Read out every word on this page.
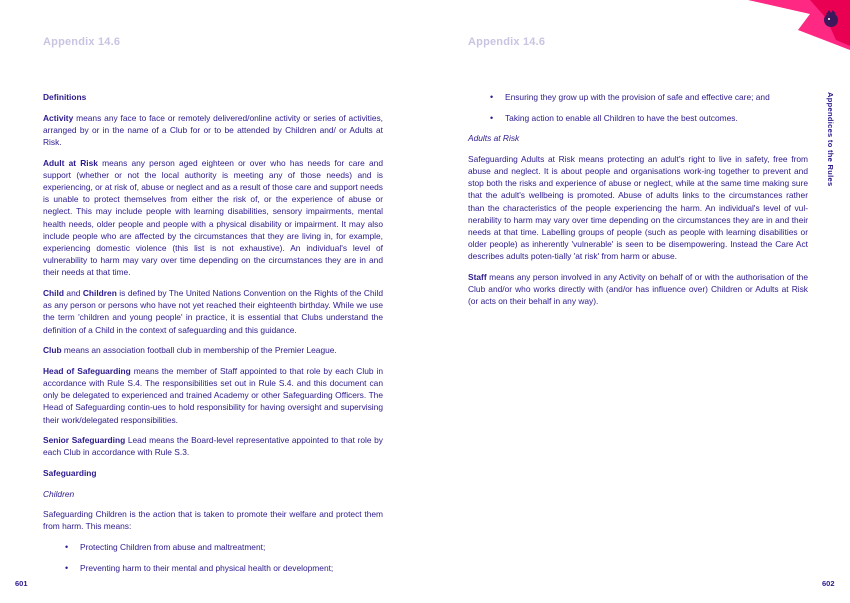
Appendix 14.6

Definitions

Activity means any face to face or remotely delivered/online activity or series of activities, arranged by or in the name of a Club for or to be attended by Children and/ or Adults at Risk.

Adult at Risk means any person aged eighteen or over who has needs for care and support (whether or not the local authority is meeting any of those needs) and is experiencing, or at risk of, abuse or neglect and as a result of those care and support needs is unable to protect themselves from either the risk of, or the experience of abuse or neglect. This may include people with learning disabilities, sensory impairments, mental health needs, older people and people with a physical disability or impairment. It may also include people who are affected by the circumstances that they are living in, for example, experiencing domestic violence (this list is not exhaustive). An individual's level of vulnerability to harm may vary over time depending on the circumstances they are in and their needs at that time.

Child and Children is defined by The United Nations Convention on the Rights of the Child as any person or persons who have not yet reached their eighteenth birthday. While we use the term 'children and young people' in practice, it is essential that Clubs understand the definition of a Child in the context of safeguarding and this guidance.

Club means an association football club in membership of the Premier League.

Head of Safeguarding means the member of Staff appointed to that role by each Club in accordance with Rule S.4. The responsibilities set out in Rule S.4. and this document can only be delegated to experienced and trained Academy or other Safeguarding Officers. The Head of Safeguarding contin-ues to hold responsibility for having oversight and supervising their work/delegated responsibilities.

Senior Safeguarding Lead means the Board-level representative appointed to that role by each Club in accordance with Rule S.3.

Safeguarding

Children

Safeguarding Children is the action that is taken to promote their welfare and protect them from harm. This means:

• Protecting Children from abuse and maltreatment;
• Preventing harm to their mental and physical health or development;
601
Appendix 14.6
• Ensuring they grow up with the provision of safe and effective care; and
• Taking action to enable all Children to have the best outcomes.

Adults at Risk

Safeguarding Adults at Risk means protecting an adult's right to live in safety, free from abuse and neglect. It is about people and organisations work-ing together to prevent and stop both the risks and experience of abuse or neglect, while at the same time making sure that the adult's wellbeing is promoted. Abuse of adults links to the circumstances rather than the characteristics of the people experiencing the harm. An individual's level of vul-nerability to harm may vary over time depending on the circumstances they are in and their needs at that time. Labelling groups of people (such as people with learning disabilities or older people) as inherently 'vulnerable' is seen to be disempowering. Instead the Care Act describes adults poten-tially 'at risk' from harm or abuse.

Staff means any person involved in any Activity on behalf of or with the authorisation of the Club and/or who works directly with (and/or has influence over) Children or Adults at Risk (or acts on their behalf in any way).

Appendices to the Rules
602
